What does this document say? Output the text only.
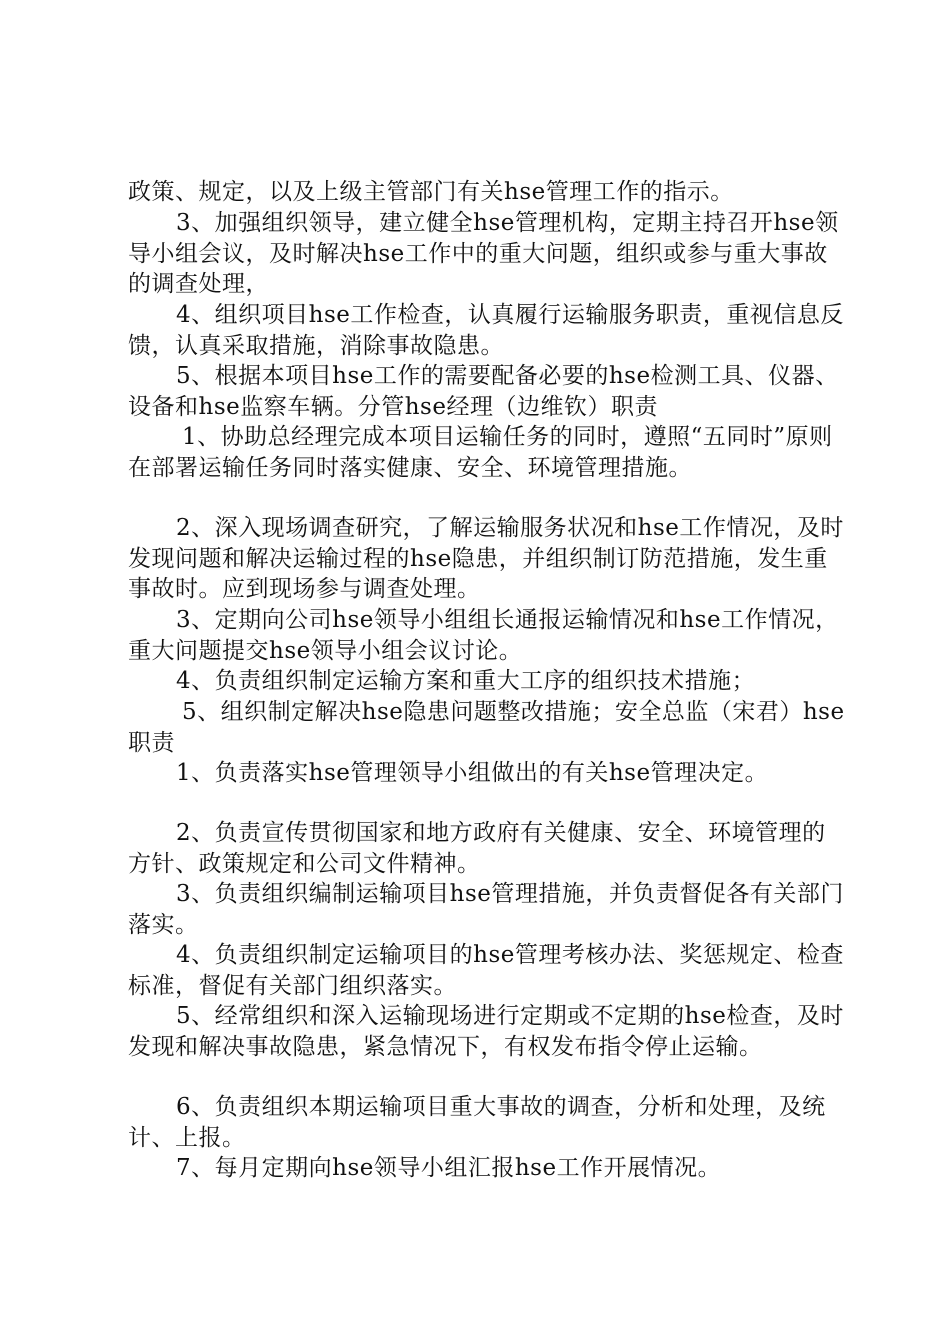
政策、规定，以及上级主管部门有关hse管理工作的指示。
3、加强组织领导，建立健全hse管理机构，定期主持召开hse领导小组会议，及时解决hse工作中的重大问题，组织或参与重大事故的调查处理，
4、组织项目hse工作检查，认真履行运输服务职责，重视信息反馈，认真采取措施，消除事故隐患。
5、根据本项目hse工作的需要配备必要的hse检测工具、仪器、设备和hse监察车辆。分管hse经理（边维钦）职责
1、协助总经理完成本项目运输任务的同时，遵照“五同时”原则在部署运输任务同时落实健康、安全、环境管理措施。
2、深入现场调查研究，了解运输服务状况和hse工作情况，及时发现问题和解决运输过程的hse隐患，并组织制订防范措施，发生重事故时。应到现场参与调查处理。
3、定期向公司hse领导小组组长通报运输情况和hse工作情况，重大问题提交hse领导小组会议讨论。
4、负责组织制定运输方案和重大工序的组织技术措施；
5、组织制定解决hse隐患问题整改措施；安全总监（宋君）hse职责
1、负责落实hse管理领导小组做出的有关hse管理决定。
2、负责宣传贯彻国家和地方政府有关健康、安全、环境管理的方针、政策规定和公司文件精神。
3、负责组织编制运输项目hse管理措施，并负责督促各有关部门落实。
4、负责组织制定运输项目的hse管理考核办法、奖惩规定、检查标准，督促有关部门组织落实。
5、经常组织和深入运输现场进行定期或不定期的hse检查，及时发现和解决事故隐患，紧急情况下，有权发布指令停止运输。
6、负责组织本期运输项目重大事故的调查，分析和处理，及统计、上报。
7、每月定期向hse领导小组汇报hse工作开展情况。
